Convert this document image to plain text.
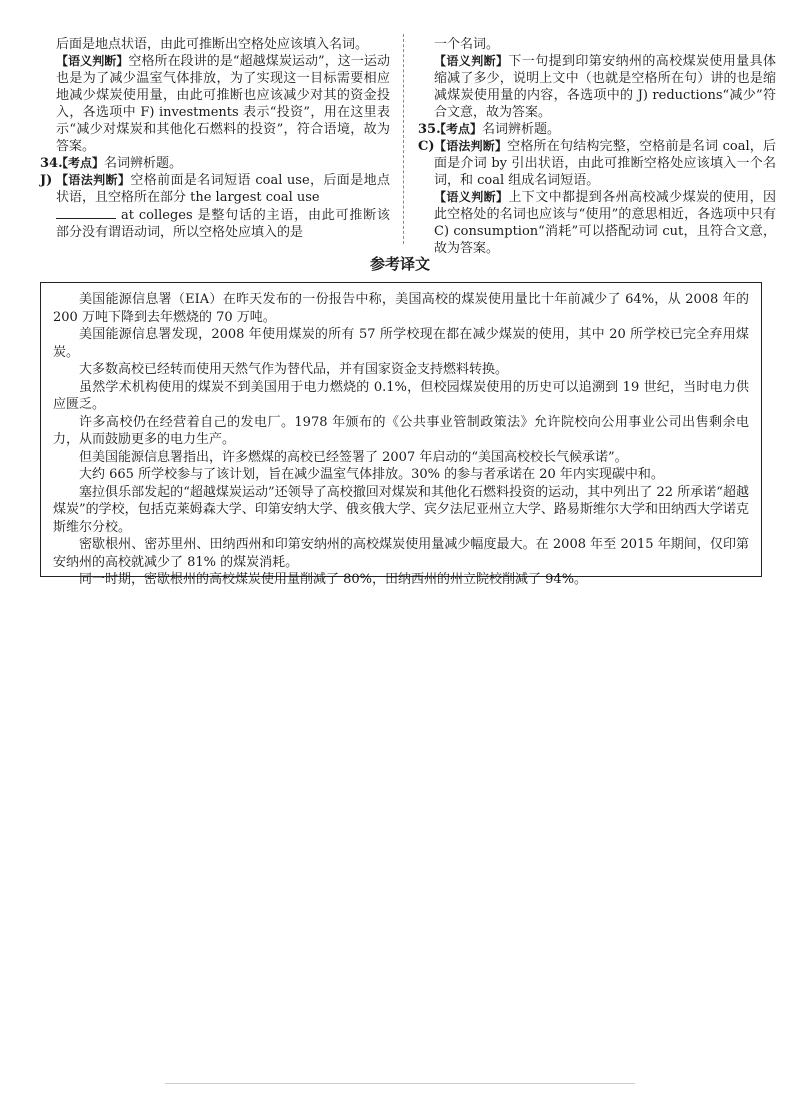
后面是地点状语，由此可推断出空格处应该填入名词。

【语义判断】空格所在段讲的是“超越煤炭运动”，这一运动也是为了减少温室气体排放，为了实现这一目标需要相应地减少煤炭使用量，由此可推断也应该减少对其的资金投入，各选项中 F) investments 表示“投资”，用在这里表示“减少对煤炭和其他化石燃料的投资”，符合语境，故为答案。

34.
【考点】名词辨析题。
J) 【语法判断】空格前面是名词短语 coal use，后面是地点状语，且空格所在部分 the largest coal use
at colleges 是整句话的主语，由此可推断该部分没有谓语动词，所以空格处应填入的是

一个名词。

【语义判断】下一句提到印第安纳州的高校煤炭使用量具体缩减了多少，说明上文中（也就是空格所在句）讲的也是缩减煤炭使用量的内容，各选项中的 J) reductions“减少”符合文意，故为答案。

35.
【考点】名词辨析题。
C) 【语法判断】空格所在句结构完整，空格前是名词 coal，后面是介词 by 引出状语，由此可推断空格处应该填入一个名词，和 coal 组成名词短语。

【语义判断】上下文中都提到各州高校减少煤炭的使用，因此空格处的名词也应该与“使用”的意思相近，各选项中只有 C) consumption“消耗”可以搭配动词 cut，且符合文意，故为答案。

参考译文

美国能源信息署（EIA）在昨天发布的一份报告中称，美国高校的煤炭使用量比十年前减少了 64%，从 2008 年的 200 万吨下降到去年燃烧的 70 万吨。

美国能源信息署发现，2008 年使用煤炭的所有 57 所学校现在都在减少煤炭的使用，其中 20 所学校已完全弃用煤炭。

大多数高校已经转而使用天然气作为替代品，并有国家资金支持燃料转换。

虽然学术机构使用的煤炭不到美国用于电力燃烧的 0.1%，但校园煤炭使用的历史可以追溯到 19 世纪，当时电力供应匮乏。

许多高校仍在经营着自己的发电厂。1978 年颁布的《公共事业管制政策法》允许院校向公用事业公司出售剩余电力，从而鼓励更多的电力生产。

但美国能源信息署指出，许多燃煤的高校已经签署了 2007 年启动的“美国高校校长气候承诺”。

大约 665 所学校参与了该计划，旨在减少温室气体排放。30% 的参与者承诺在 20 年内实现碳中和。

塞拉俱乐部发起的“超越煤炭运动”还领导了高校撤回对煤炭和其他化石燃料投资的运动，其中列出了 22 所承诺“超越煤炭”的学校，包括克莱姆森大学、印第安纳大学、俄亥俄大学、宾夕法尼亚州立大学、路易斯维尔大学和田纳西大学诺克斯维尔分校。

密歇根州、密苏里州、田纳西州和印第安纳州的高校煤炭使用量减少幅度最大。在 2008 年至 2015 年期间，仅印第安纳州的高校就减少了 81% 的煤炭消耗。

同一时期，密歇根州的高校煤炭使用量削减了 80%，田纳西州的州立院校削减了 94%。
